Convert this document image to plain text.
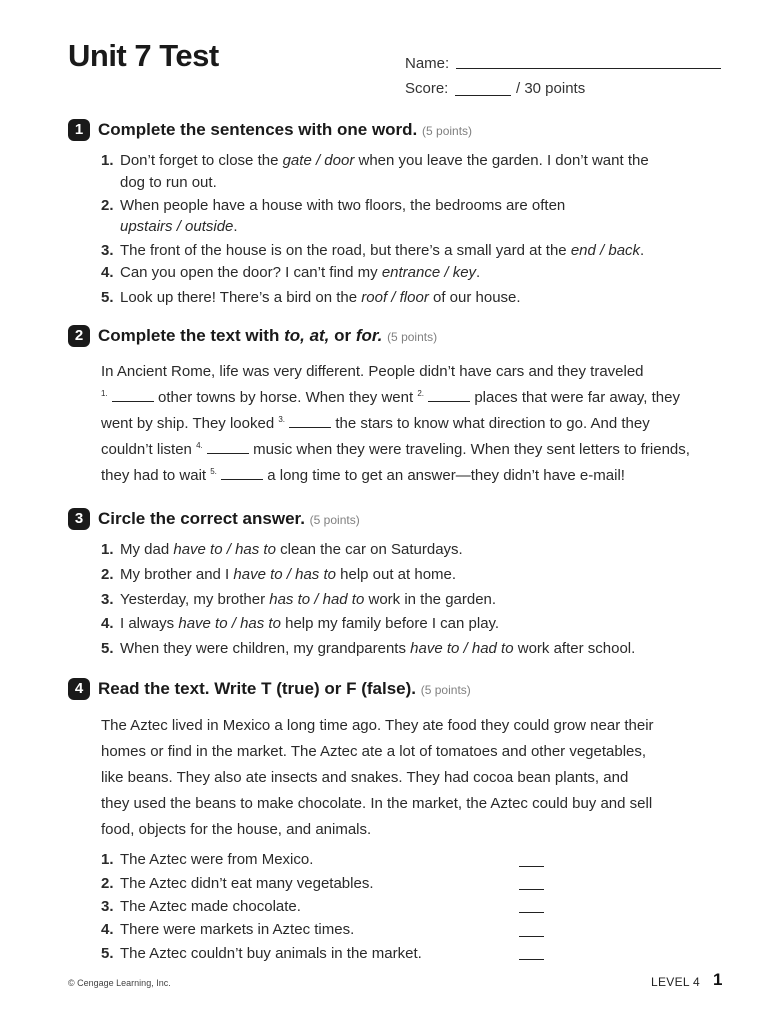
Unit 7 Test	Name:
Score:	/ 30 points
1 Complete the sentences with one word. (5 points)
1. Don’t forget to close the gate / door when you leave the garden. I don’t want the
dog to run out.
2. When people have a house with two floors, the bedrooms are often
upstairs / outside.
3. The front of the house is on the road, but there’s a small yard at the end / back.
4. Can you open the door? I can’t find my entrance / key.
5. Look up there! There’s a bird on the roof / floor of our house.
2 Complete the text with to, at, or for. (5 points)
In Ancient Rome, life was very different. People didn’t have cars and they traveled
$^{1.}$	other towns by horse. When they went $^{2.}$	places that were far away, they
went by ship. They looked $^{3.}$	the stars to know what direction to go. And they
couldn’t listen $^{4.}$	music when they were traveling. When they sent letters to friends,
they had to wait $^{5.}$	a long time to get an answer—they didn’t have e-mail!
3 Circle the correct answer. (5 points)
1. My dad have to / has to clean the car on Saturdays.
2. My brother and I have to / has to help out at home.
3. Yesterday, my brother has to / had to work in the garden.
4. I always have to / has to help my family before I can play.
5. When they were children, my grandparents have to / had to work after school.
4 Read the text. Write T (true) or F (false). (5 points)
The Aztec lived in Mexico a long time ago. They ate food they could grow near their
homes or find in the market. The Aztec ate a lot of tomatoes and other vegetables,
like beans. They also ate insects and snakes. They had cocoa bean plants, and
they used the beans to make chocolate. In the market, the Aztec could buy and sell
food, objects for the house, and animals.
1. The Aztec were from Mexico.
2. The Aztec didn’t eat many vegetables.
3. The Aztec made chocolate.
4. There were markets in Aztec times.
5. The Aztec couldn’t buy animals in the market.
© Cengage Learning, Inc.	LEVEL 4 1
